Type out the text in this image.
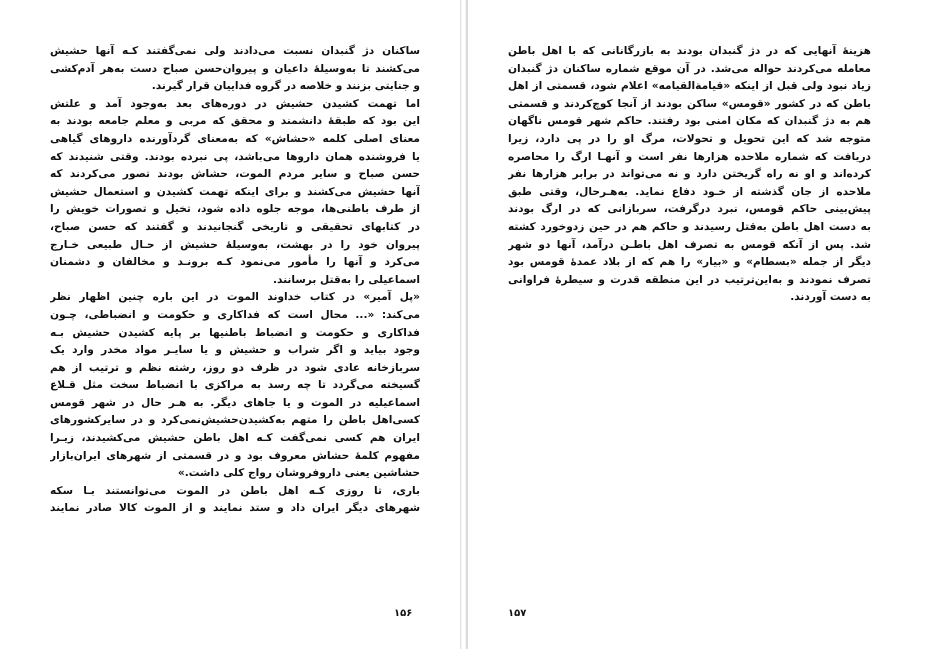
ساکنان دژ گنبدان نسبت می‌دادند ولی نمی‌گفتند کـه آنها حشیش
می‌کشند تا به‌وسیلهٔ داعیان و پیروان‌حسن صباح دست به‌هر آدم‌کشی
و جنایتی بزنند و خلاصه در گروه فداییان قرار گیرند.
اما تهمت کشیدن حشیش در دوره‌های بعد به‌وجود آمد و علتش
این بود که طبقهٔ دانشمند و محقق که مربی و معلم جامعه بودند به
معنای اصلی کلمه «حشاش» که به‌معنای گردآورنده داروهای گیاهی
یا فروشنده همان داروها می‌باشد، پی نبرده بودند. وقتی شنیدند که
حسن صباح و سایر مردم الموت، حشاش بودند تصور می‌کردند که
آنها حشیش می‌کشند و برای اینکه تهمت کشیدن و استعمال حشیش
از طرف باطنی‌ها، موجه جلوه داده شود، تخیل و تصورات خویش را
در کتابهای تحقیقی و تاریخی گنجانیدند و گفتند که حسن صباح،
پیروان خود را در بهشت، به‌وسیلهٔ حشیش از حـال طبیعی خـارج
می‌کرد و آنها را مأمور می‌نمود کـه برونـد و مخالفان و دشمنان
اسماعیلی را به‌قتل برسانند.
«پل آمیر» در کتاب خداوند الموت در این باره چنین اظهار نظر
می‌کند: «... محال است که فداکاری و حکومت و انضباطی، چـون
فداکاری و حکومت و انضباط باطنیها بر پایه کشیدن حشیش بـه
وجود بیاید و اگر شراب و حشیش و یا سایـر مواد مخدر وارد یک
سربازخانه عادی شود در ظرف دو روز، رشته نظم و ترتیب از هم
گسیخته می‌گردد تا چه رسد به مراکزی با انضباط سخت مثل قـلاع
اسماعیلیه در الموت و یا جاهای دیگر. به هـر حال در شهر قومس
کسی‌اهل باطن را متهم به‌کشیدن‌حشیش‌نمی‌کرد و در سایرکشورهای
ایران هم کسی نمی‌گفت کـه اهل باطن حشیش می‌کشیدند، زیـرا
مفهوم کلمهٔ حشاش معروف بود و در قسمتی از شهرهای ایران‌بازار
حشاشین یعنی داروفروشان رواج کلی داشت.»
باری، تا روزی کـه اهل باطن در الموت می‌توانستند بـا سکه
شهرهای دیگر ایران داد و ستد نمایند و از الموت کالا صادر نمایند
۱۵۶
هزینهٔ آنهایی که در دژ گنبدان بودند به بازرگانانی که با اهل باطن
معامله می‌کردند حواله می‌شد. در آن موقع شماره ساکنان دژ گنبدان
زیاد نبود ولی قبل از اینکه «قیامةالقیامه» اعلام شود، قسمتی از اهل
باطن که در کشور «قومس» ساکن بودند از آنجا کوچ‌کردند و قسمتی
هم به دژ گنبدان که مکان امنی بود رفتند. حاکم شهر قومس ناگهان
متوجه شد که این تحویل و تحولات، مرگ او را در پی دارد، زیرا
دریافت که شماره ملاحده هزارها نفر است و آنهـا ارگ را محاصره
کرده‌اند و او نه راه گریختن دارد و نه می‌تواند در برابر هزارها نفر
ملاحده از جان گذشته از خـود دفاع نماید. به‌هـرحال، وقتی طبق
پیش‌بینی حاکم قومس، نبرد درگرفت، سربازانی که در ارگ بودند
به دست اهل باطن به‌قتل رسیدند و حاکم هم در حین زدوخورد کشته
شد. پس از آنکه قومس به تصرف اهل باطـن درآمد، آنها دو شهر
دیگر از جمله «بسطام» و «بیار» را هم که از بلاد عمدهٔ قومس بود
تصرف نمودند و به‌این‌ترتیب در این منطقه قدرت و سیطرهٔ فراوانی
به دست آوردند.
۱۵۷
